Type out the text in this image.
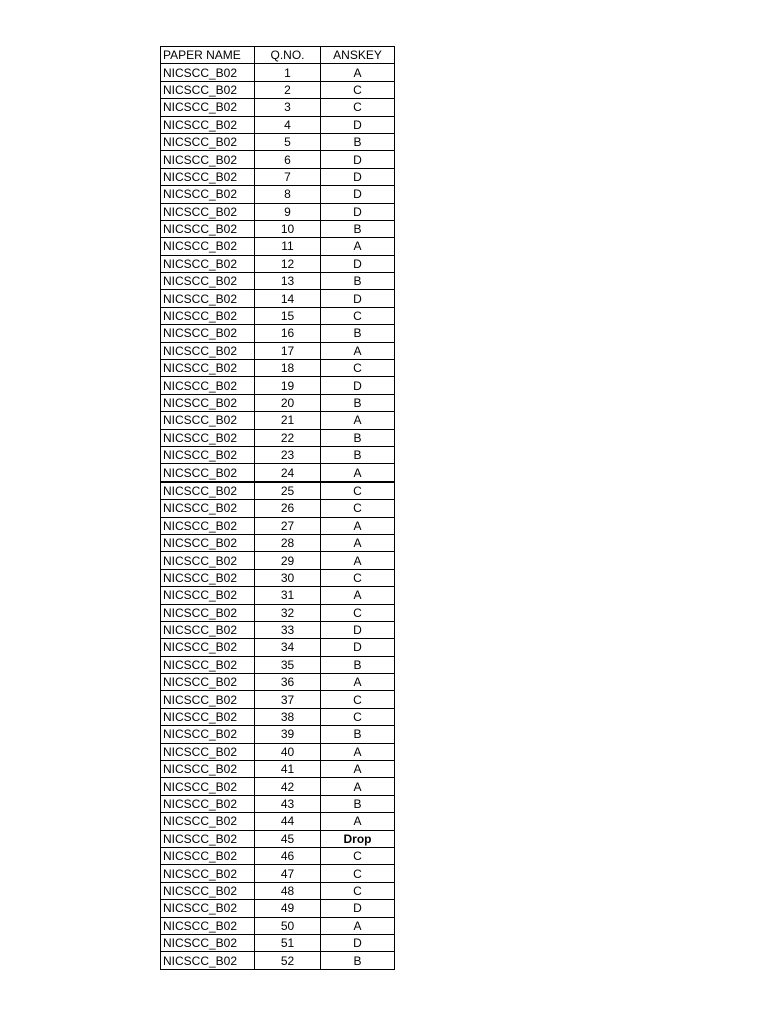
PAPER NAME	Q.NO.	ANSKEY
NICSCC_B02	1	A
NICSCC_B02	2	C
NICSCC_B02	3	C
NICSCC_B02	4	D
NICSCC_B02	5	B
NICSCC_B02	6	D
NICSCC_B02	7	D
NICSCC_B02	8	D
NICSCC_B02	9	D
NICSCC_B02	10	B
NICSCC_B02	11	A
NICSCC_B02	12	D
NICSCC_B02	13	B
NICSCC_B02	14	D
NICSCC_B02	15	C
NICSCC_B02	16	B
NICSCC_B02	17	A
NICSCC_B02	18	C
NICSCC_B02	19	D
NICSCC_B02	20	B
NICSCC_B02	21	A
NICSCC_B02	22	B
NICSCC_B02	23	B
NICSCC_B02	24	A
NICSCC_B02	25	C
NICSCC_B02	26	C
NICSCC_B02	27	A
NICSCC_B02	28	A
NICSCC_B02	29	A
NICSCC_B02	30	C
NICSCC_B02	31	A
NICSCC_B02	32	C
NICSCC_B02	33	D
NICSCC_B02	34	D
NICSCC_B02	35	B
NICSCC_B02	36	A
NICSCC_B02	37	C
NICSCC_B02	38	C
NICSCC_B02	39	B
NICSCC_B02	40	A
NICSCC_B02	41	A
NICSCC_B02	42	A
NICSCC_B02	43	B
NICSCC_B02	44	A
NICSCC_B02	45	Drop
NICSCC_B02	46	C
NICSCC_B02	47	C
NICSCC_B02	48	C
NICSCC_B02	49	D
NICSCC_B02	50	A
NICSCC_B02	51	D
NICSCC_B02	52	B
